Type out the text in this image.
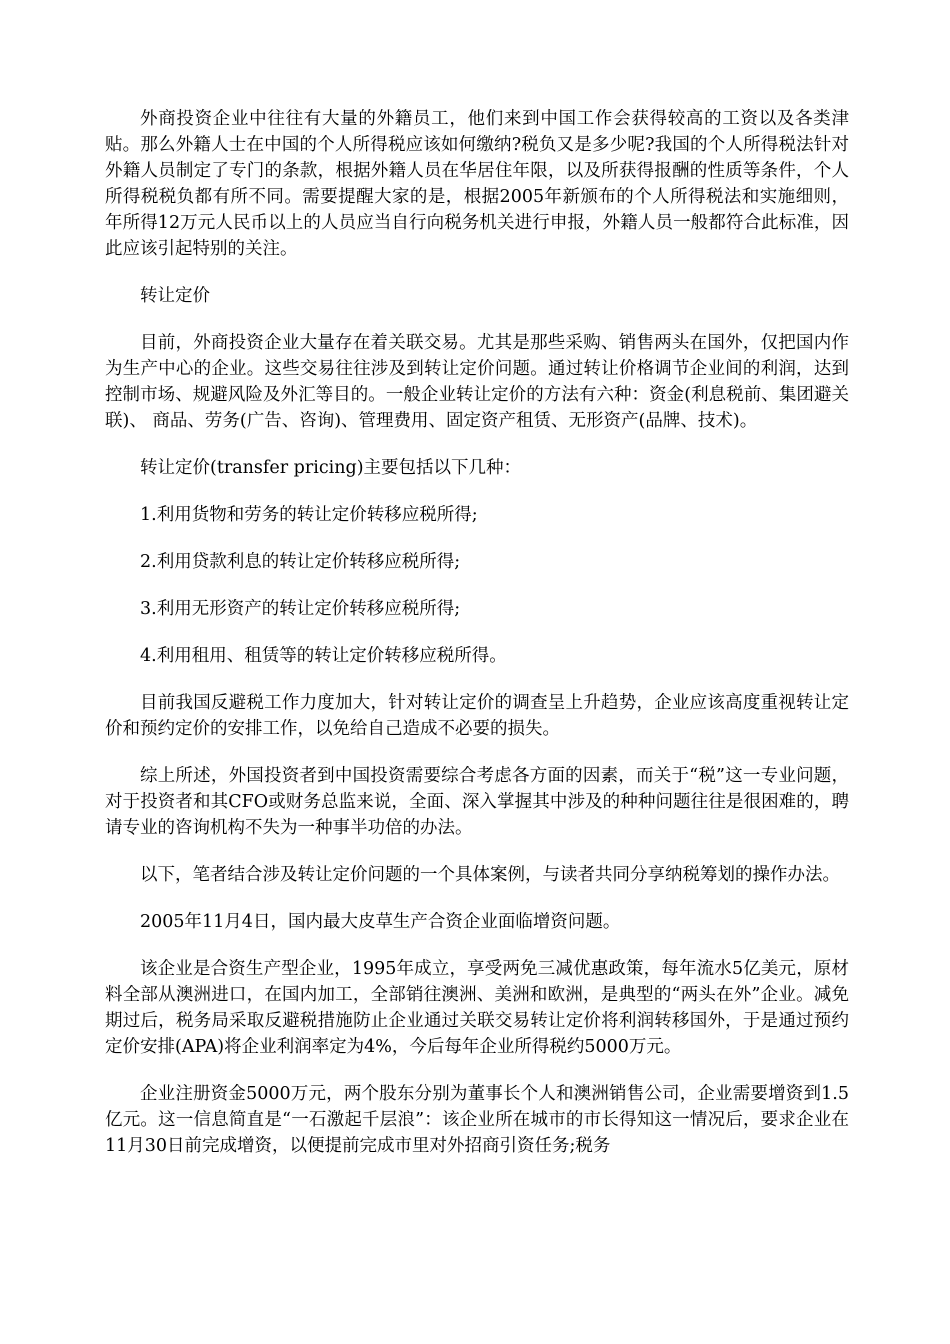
外商投资企业中往往有大量的外籍员工，他们来到中国工作会获得较高的工资以及各类津贴。那么外籍人士在中国的个人所得税应该如何缴纳?税负又是多少呢?我国的个人所得税法针对外籍人员制定了专门的条款，根据外籍人员在华居住年限，以及所获得报酬的性质等条件，个人所得税税负都有所不同。需要提醒大家的是，根据2005年新颁布的个人所得税法和实施细则，年所得12万元人民币以上的人员应当自行向税务机关进行申报，外籍人员一般都符合此标准，因此应该引起特别的关注。

转让定价

目前，外商投资企业大量存在着关联交易。尤其是那些采购、销售两头在国外，仅把国内作为生产中心的企业。这些交易往往涉及到转让定价问题。通过转让价格调节企业间的利润，达到控制市场、规避风险及外汇等目的。一般企业转让定价的方法有六种：资金(利息税前、集团避关联)、 商品、劳务(广告、咨询)、管理费用、固定资产租赁、无形资产(品牌、技术)。

转让定价(transfer pricing)主要包括以下几种：

1.利用货物和劳务的转让定价转移应税所得;

2.利用贷款利息的转让定价转移应税所得;

3.利用无形资产的转让定价转移应税所得;

4.利用租用、租赁等的转让定价转移应税所得。

目前我国反避税工作力度加大，针对转让定价的调查呈上升趋势，企业应该高度重视转让定价和预约定价的安排工作，以免给自己造成不必要的损失。

综上所述，外国投资者到中国投资需要综合考虑各方面的因素，而关于“税”这一专业问题，对于投资者和其CFO或财务总监来说，全面、深入掌握其中涉及的种种问题往往是很困难的，聘请专业的咨询机构不失为一种事半功倍的办法。

以下，笔者结合涉及转让定价问题的一个具体案例，与读者共同分享纳税筹划的操作办法。

2005年11月4日，国内最大皮草生产合资企业面临增资问题。

该企业是合资生产型企业，1995年成立，享受两免三减优惠政策，每年流水5亿美元，原材料全部从澳洲进口，在国内加工，全部销往澳洲、美洲和欧洲，是典型的“两头在外”企业。减免期过后，税务局采取反避税措施防止企业通过关联交易转让定价将利润转移国外，于是通过预约定价安排(APA)将企业利润率定为4%，今后每年企业所得税约5000万元。

企业注册资金5000万元，两个股东分别为董事长个人和澳洲销售公司，企业需要增资到1.5亿元。这一信息简直是“一石激起千层浪”：该企业所在城市的市长得知这一情况后，要求企业在11月30日前完成增资，以便提前完成市里对外招商引资任务;税务
